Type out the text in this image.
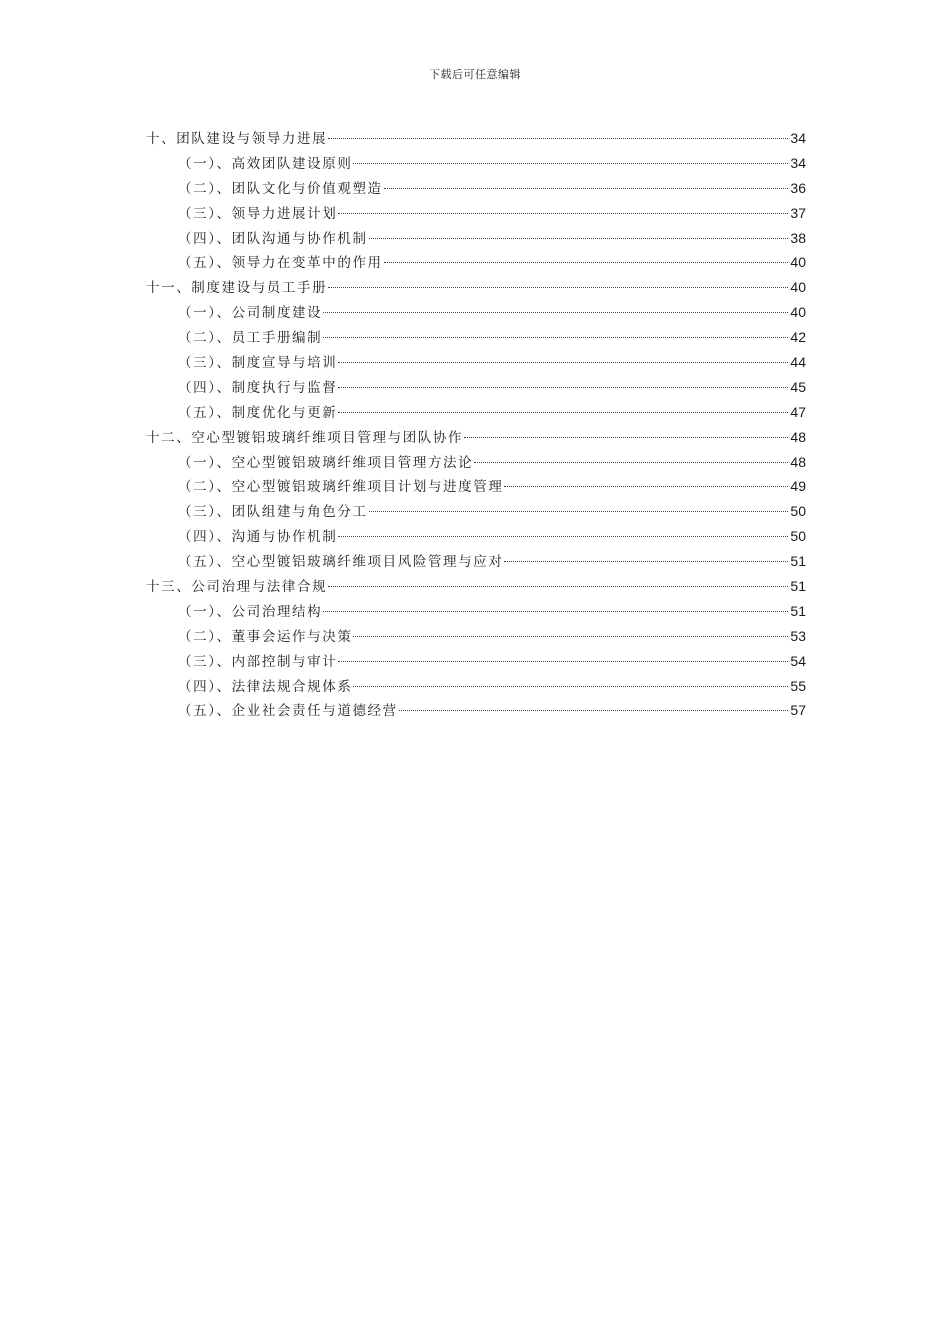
下载后可任意编辑
十、团队建设与领导力进展	34
（一）、高效团队建设原则	34
（二）、团队文化与价值观塑造	36
（三）、领导力进展计划	37
（四）、团队沟通与协作机制	38
（五）、领导力在变革中的作用	40
十一、制度建设与员工手册	40
（一）、公司制度建设	40
（二）、员工手册编制	42
（三）、制度宣导与培训	44
（四）、制度执行与监督	45
（五）、制度优化与更新	47
十二、空心型镀铝玻璃纤维项目管理与团队协作	48
（一）、空心型镀铝玻璃纤维项目管理方法论	48
（二）、空心型镀铝玻璃纤维项目计划与进度管理	49
（三）、团队组建与角色分工	50
（四）、沟通与协作机制	50
（五）、空心型镀铝玻璃纤维项目风险管理与应对	51
十三、公司治理与法律合规	51
（一）、公司治理结构	51
（二）、董事会运作与决策	53
（三）、内部控制与审计	54
（四）、法律法规合规体系	55
（五）、企业社会责任与道德经营	57
